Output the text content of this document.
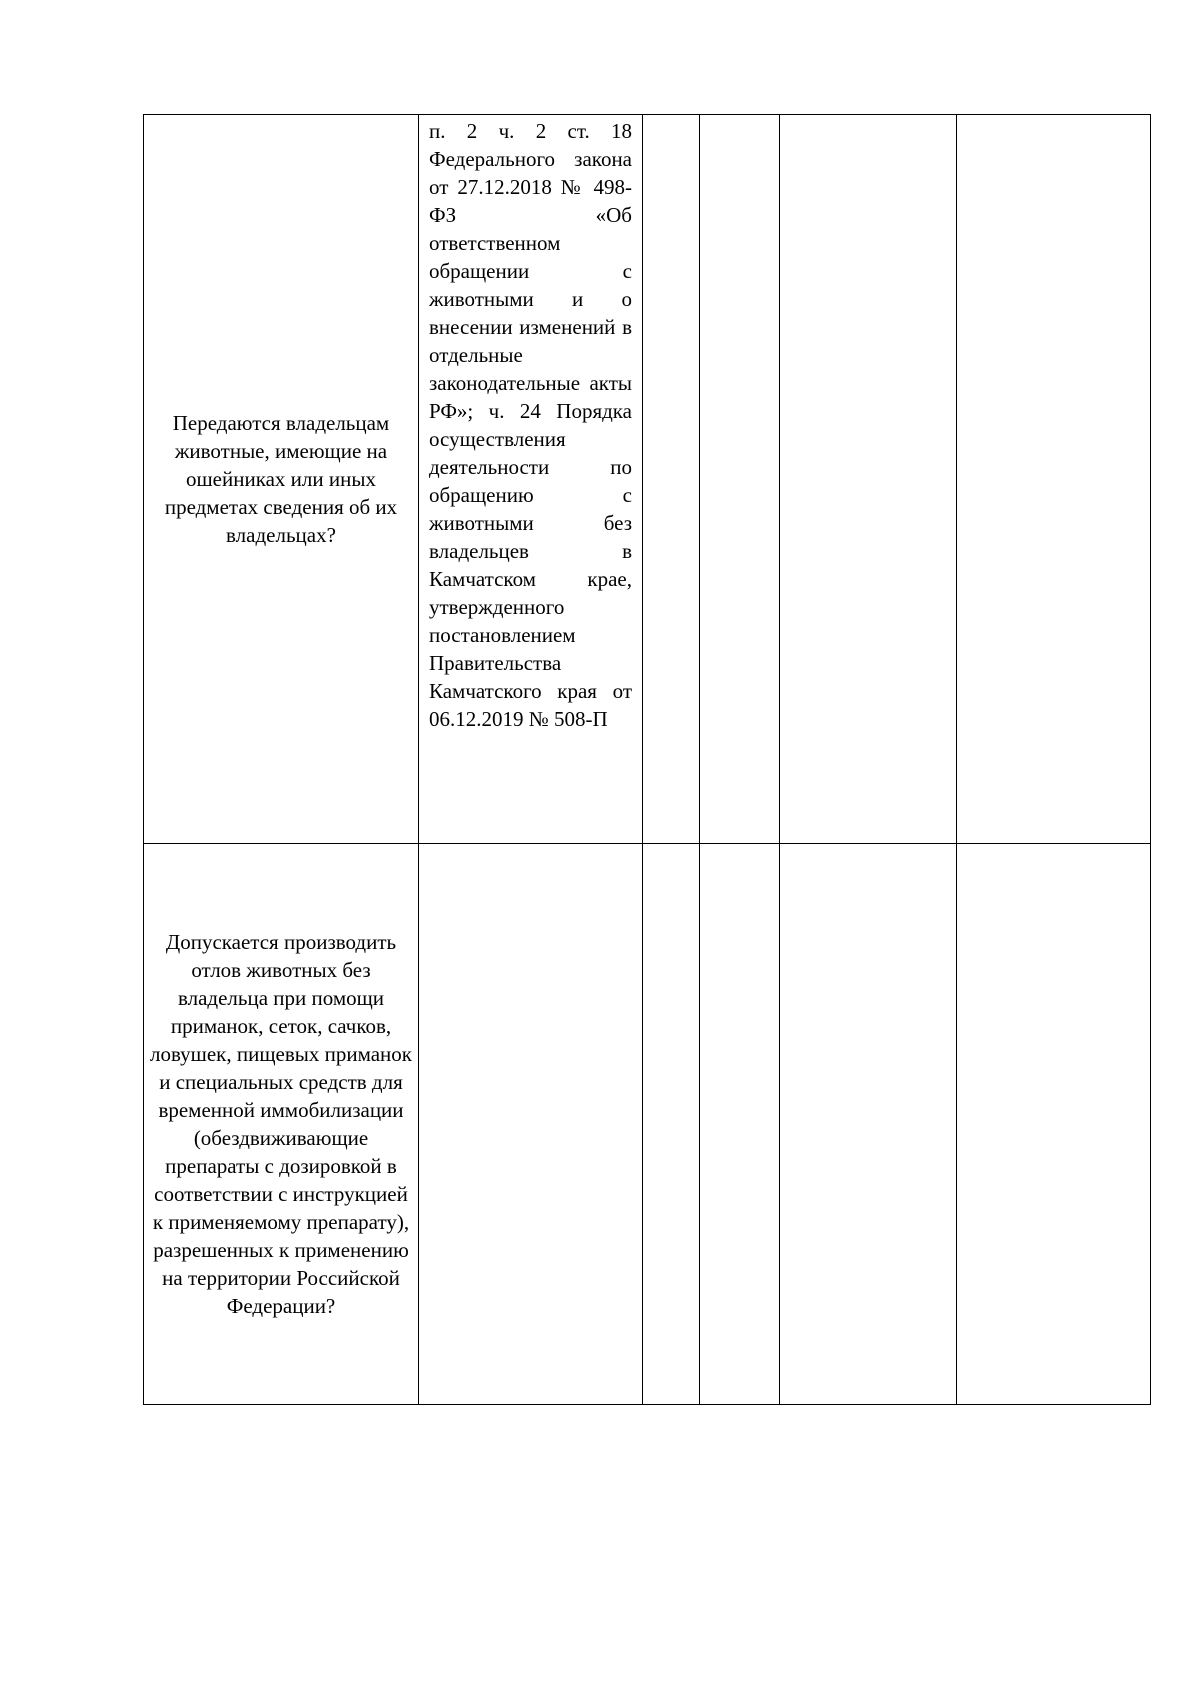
Передаются владельцам животные, имеющие на ошейниках или иных предметах сведения об их владельцах?	п. 2 ч. 2 ст. 18 Федерального закона от 27.12.2018 № 498-ФЗ «Об ответственном обращении с животными и о внесении изменений в отдельные законодательные акты РФ»; ч. 24 Порядка осуществления деятельности по обращению с животными без владельцев в Камчатском крае, утвержденного постановлением Правительства Камчатского края от 06.12.2019 № 508-П				

Допускается производить отлов животных без владельца при помощи приманок, сеток, сачков, ловушек, пищевых приманок и специальных средств для временной иммобилизации (обездвиживающие препараты с дозировкой в соответствии с инструкцией к применяемому препарату), разрешенных к применению на территории Российской Федерации?	
